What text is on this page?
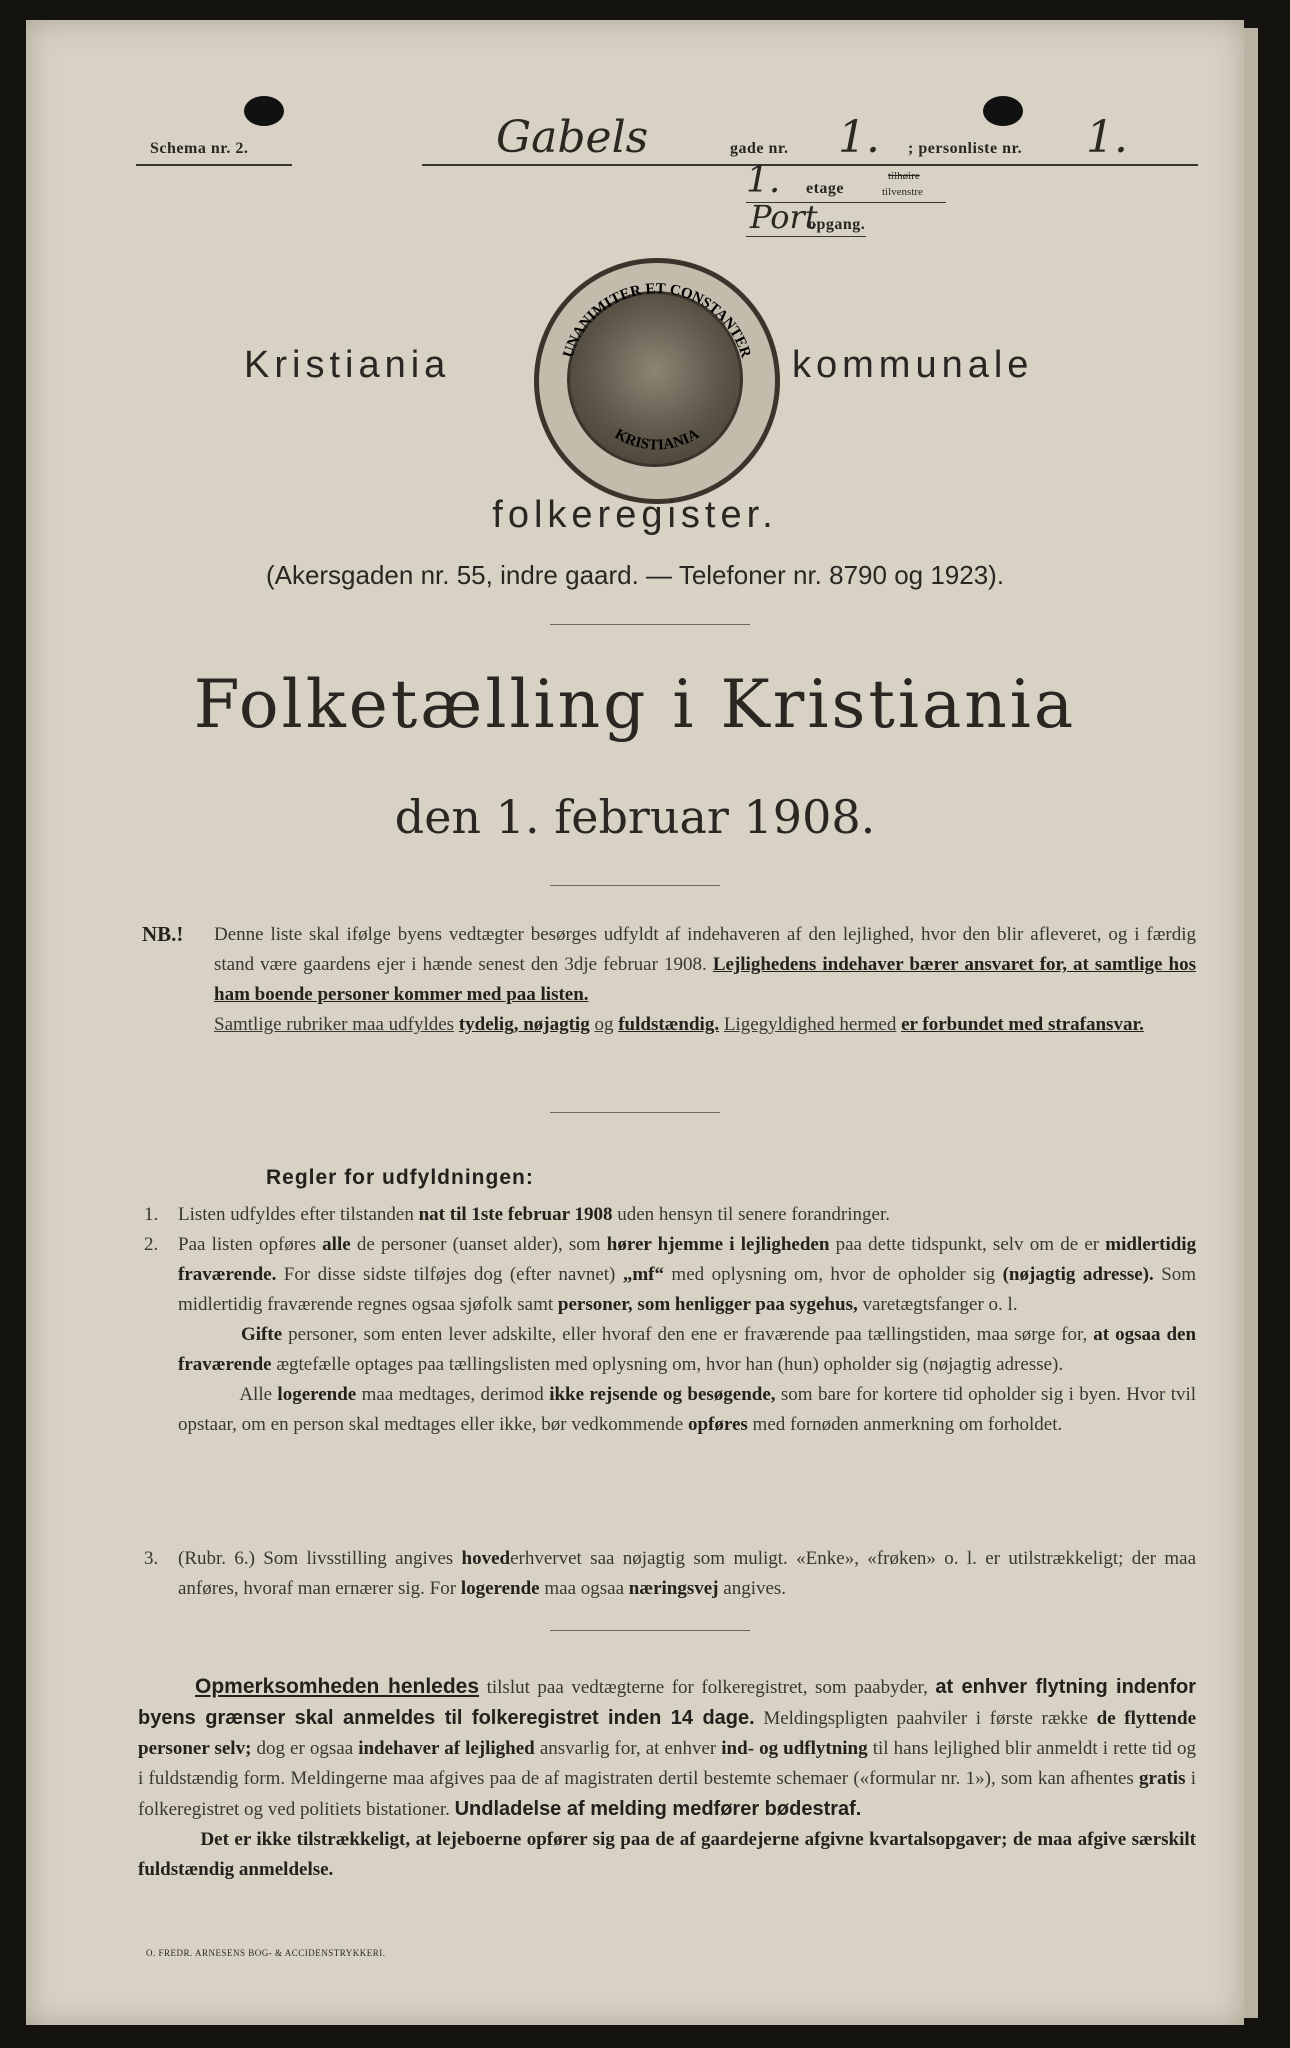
Schema nr. 2.	Gabels	gade nr. 1. ; personliste nr. 1.
1. etage
tilhøire
tilvenstre
Port
opgang.
Kristiania	UNANIMITER ET CONSTANTER
KRISTIANIA
kommunale
folkeregister.
(Akersgaden nr. 55, indre gaard. — Telefoner nr. 8790 og 1923).
Folketælling i Kristiania
den 1. februar 1908.
NB.! Denne liste skal ifølge byens vedtægter besørges udfyldt af indehaveren af den lejlighed, hvor den blir afleveret, og i færdig stand være gaardens ejer i hænde senest den 3dje februar 1908. Lejlighedens indehaver bærer ansvaret for, at samtlige hos ham boende personer kommer med paa listen.
Samtlige rubriker maa udfyldes tydelig, nøjagtig og fuldstændig. Ligegyldighed hermed er forbundet med strafansvar.
Regler for udfyldningen:
1. Listen udfyldes efter tilstanden nat til 1ste februar 1908 uden hensyn til senere forandringer.
2. Paa listen opføres alle de personer (uanset alder), som hører hjemme i lejligheden paa dette tidspunkt, selv om de er midlertidig fraværende. For disse sidste tilføjes dog (efter navnet) „mf“ med oplysning om, hvor de opholder sig (nøjagtig adresse). Som midlertidig fraværende regnes ogsaa sjøfolk samt personer, som henligger paa sygehus, varetægtsfanger o. l.
    Gifte personer, som enten lever adskilte, eller hvoraf den ene er fraværende paa tællingstiden, maa sørge for, at ogsaa den fraværende ægtefælle optages paa tællingslisten med oplysning om, hvor han (hun) opholder sig (nøjagtig adresse).
    Alle logerende maa medtages, derimod ikke rejsende og besøgende, som bare for kortere tid opholder sig i byen. Hvor tvil opstaar, om en person skal medtages eller ikke, bør vedkommende opføres med fornøden anmerkning om forholdet.
3. (Rubr. 6.) Som livsstilling angives hovederhvervet saa nøjagtig som muligt. «Enke», «frøken» o. l. er utilstrækkeligt; der maa anføres, hvoraf man ernærer sig. For logerende maa ogsaa næringsvej angives.
   Opmerksomheden henledes tilslut paa vedtægterne for folkeregistret, som paabyder, at enhver flytning indenfor byens grænser skal anmeldes til folkeregistret inden 14 dage. Meldingspligten paahviler i første række de flyttende personer selv; dog er ogsaa indehaver af lejlighed ansvarlig for, at enhver ind- og udflytning til hans lejlighed blir anmeldt i rette tid og i fuldstændig form. Meldingerne maa afgives paa de af magistraten dertil bestemte schemaer («formular nr. 1»), som kan afhentes gratis i folkeregistret og ved politiets bistationer. Undladelse af melding medfører bødestraf.
    Det er ikke tilstrækkeligt, at lejeboerne opfører sig paa de af gaardejerne afgivne kvartalsopgaver; de maa afgive særskilt fuldstændig anmeldelse.
O. FREDR. ARNESENS BOG- & ACCIDENSTRYKKERI.
